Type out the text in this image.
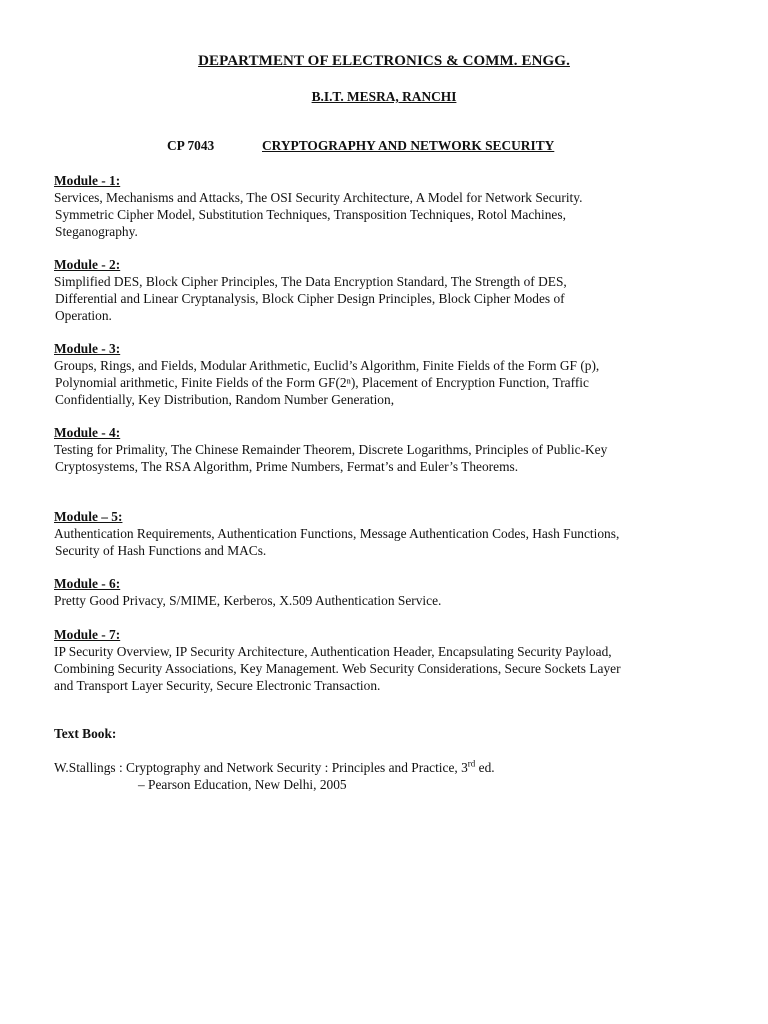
DEPARTMENT OF ELECTRONICS & COMM. ENGG.
B.I.T. MESRA, RANCHI
CP 7043	CRYPTOGRAPHY AND NETWORK SECURITY
Module - 1:
Services, Mechanisms and Attacks, The OSI Security Architecture, A Model for Network Security.
Symmetric Cipher Model, Substitution Techniques, Transposition Techniques, Rotol Machines,
Steganography.
Module - 2:
Simplified DES, Block Cipher Principles, The Data Encryption Standard, The Strength of DES,
Differential and Linear Cryptanalysis, Block Cipher Design Principles, Block Cipher Modes of
Operation.
Module - 3:
Groups, Rings, and Fields, Modular Arithmetic, Euclid’s Algorithm, Finite Fields of the Form GF (p),
Polynomial arithmetic, Finite Fields of the Form GF(2ⁿ), Placement of Encryption Function, Traffic
Confidentially, Key Distribution, Random Number Generation,
Module - 4:
Testing for Primality, The Chinese Remainder Theorem, Discrete Logarithms, Principles of Public-Key
Cryptosystems, The RSA Algorithm, Prime Numbers, Fermat’s and Euler’s Theorems.
Module – 5:
Authentication Requirements, Authentication Functions, Message Authentication Codes, Hash Functions,
Security of Hash Functions and MACs.
Module - 6:
Pretty Good Privacy, S/MIME, Kerberos, X.509 Authentication Service.
Module - 7:
IP Security Overview, IP Security Architecture, Authentication Header, Encapsulating Security Payload,
Combining Security Associations, Key Management. Web Security Considerations, Secure Sockets Layer
and Transport Layer Security, Secure Electronic Transaction.
Text Book:
W.Stallings : Cryptography and Network Security : Principles and Practice, 3rd ed.
– Pearson Education, New Delhi, 2005
